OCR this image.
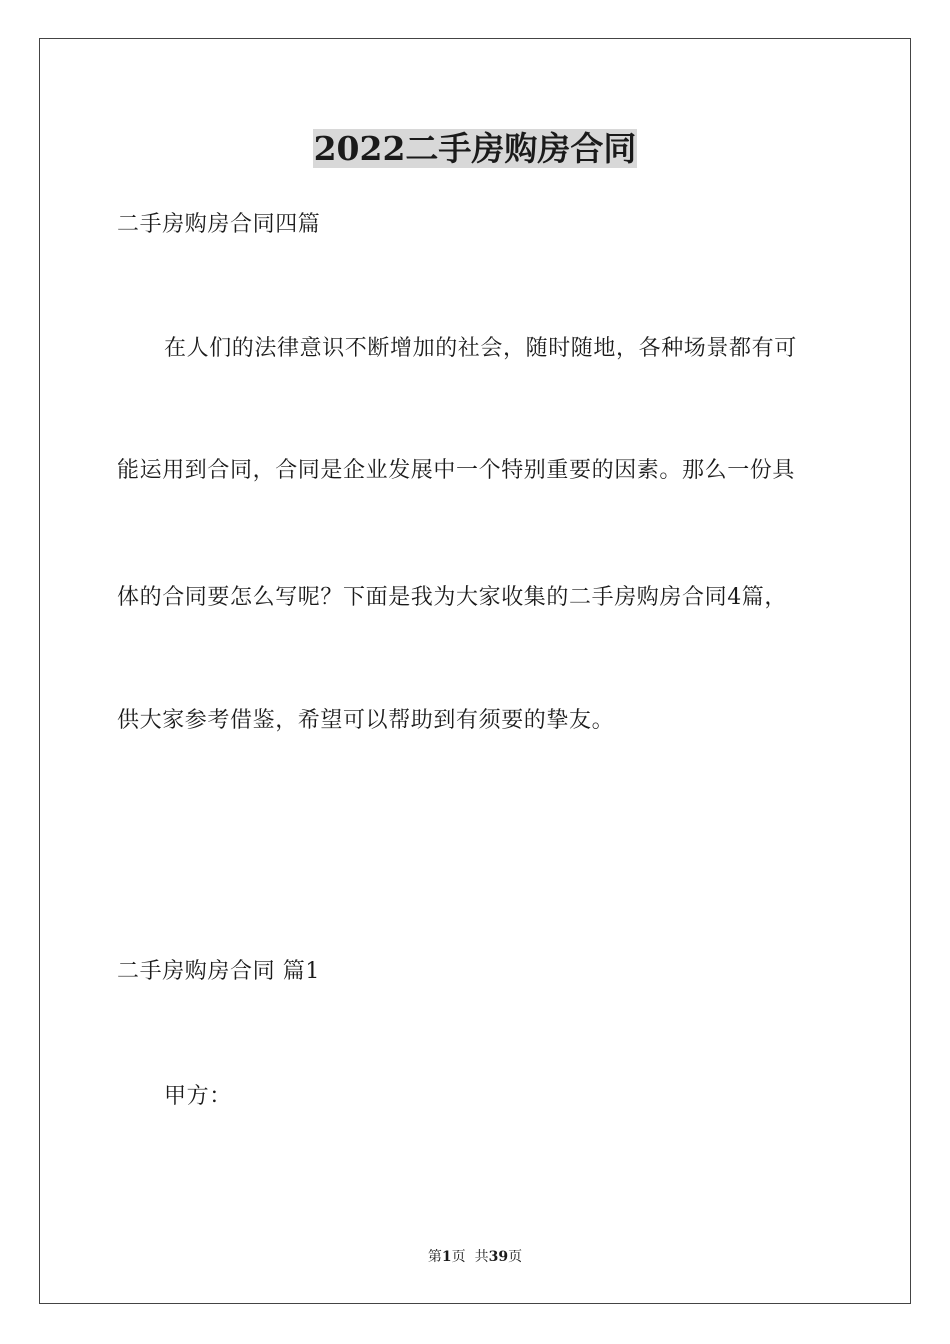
2022二手房购房合同
二手房购房合同四篇
在人们的法律意识不断增加的社会，随时随地，各种场景都有可
能运用到合同，合同是企业发展中一个特别重要的因素。那么一份具
体的合同要怎么写呢？下面是我为大家收集的二手房购房合同4篇，
供大家参考借鉴，希望可以帮助到有须要的挚友。
二手房购房合同 篇1
甲方：
第1页  共39页
